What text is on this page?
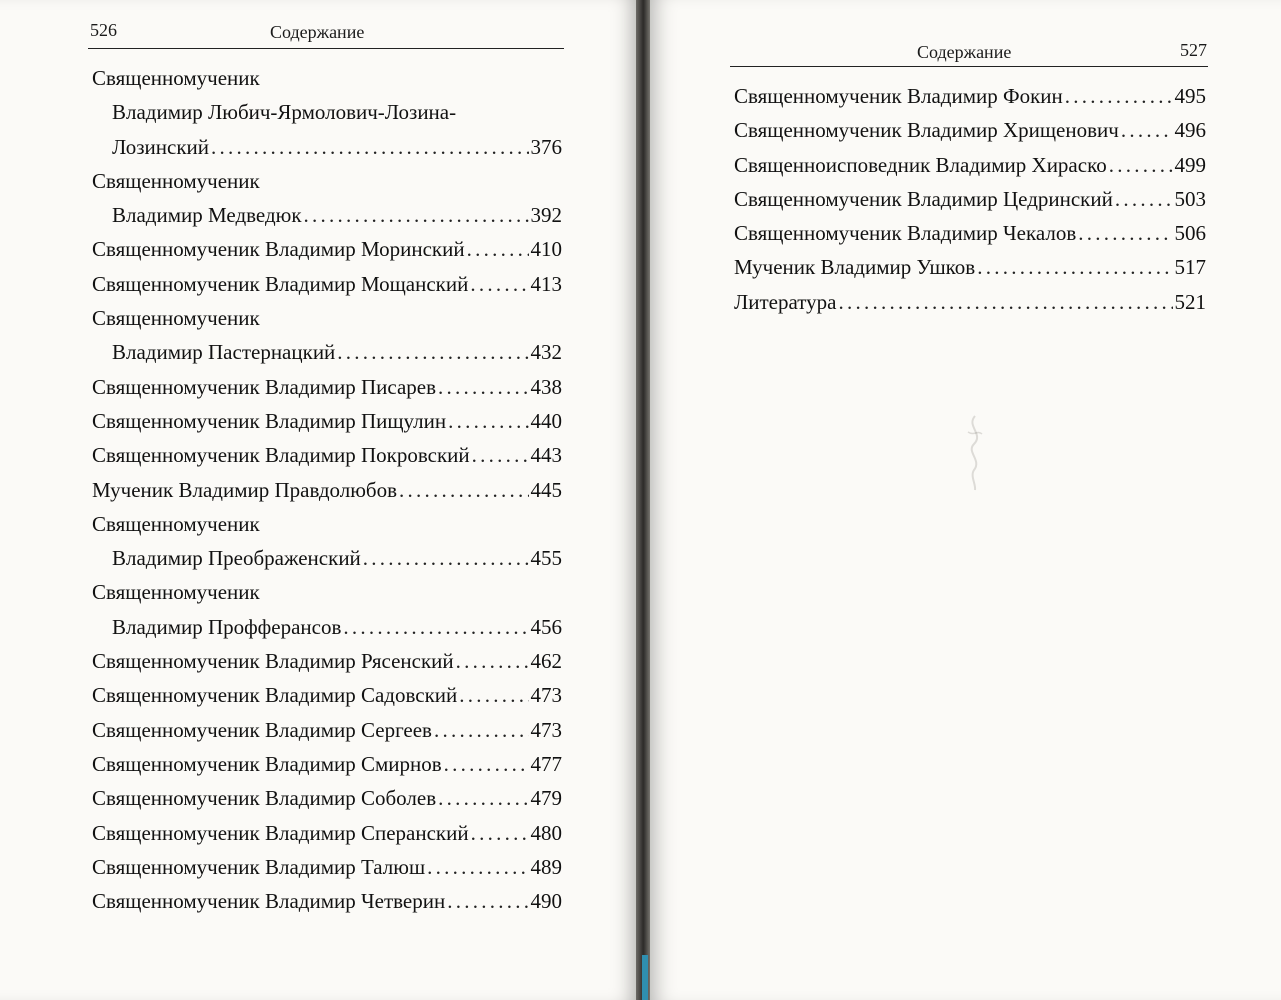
526	Содержание
Священномученик
Владимир Любич-Ярмолович-Лозина-
Лозинский . . .	376
Священномученик
Владимир Медведюк . . .	392
Священномученик Владимир Моринский . . .	410
Священномученик Владимир Мощанский . . .	413
Священномученик
Владимир Пастернацкий . . .	432
Священномученик Владимир Писарев . . .	438
Священномученик Владимир Пищулин . . .	440
Священномученик Владимир Покровский . . .	443
Мученик Владимир Правдолюбов . . .	445
Священномученик
Владимир Преображенский . . .	455
Священномученик
Владимир Профферансов . . .	456
Священномученик Владимир Рясенский . . .	462
Священномученик Владимир Садовский . . .	473
Священномученик Владимир Сергеев . . .	473
Священномученик Владимир Смирнов . . .	477
Священномученик Владимир Соболев . . .	479
Священномученик Владимир Сперанский . . .	480
Священномученик Владимир Талюш . . .	489
Священномученик Владимир Четверин . . .	490
Содержание	527
Священномученик Владимир Фокин . . .	495
Священномученик Владимир Хрищенович . . .	496
Священноисповедник Владимир Хираско . . .	499
Священномученик Владимир Цедринский . . .	503
Священномученик Владимир Чекалов . . .	506
Мученик Владимир Ушков . . .	517
Литература . . .	521
